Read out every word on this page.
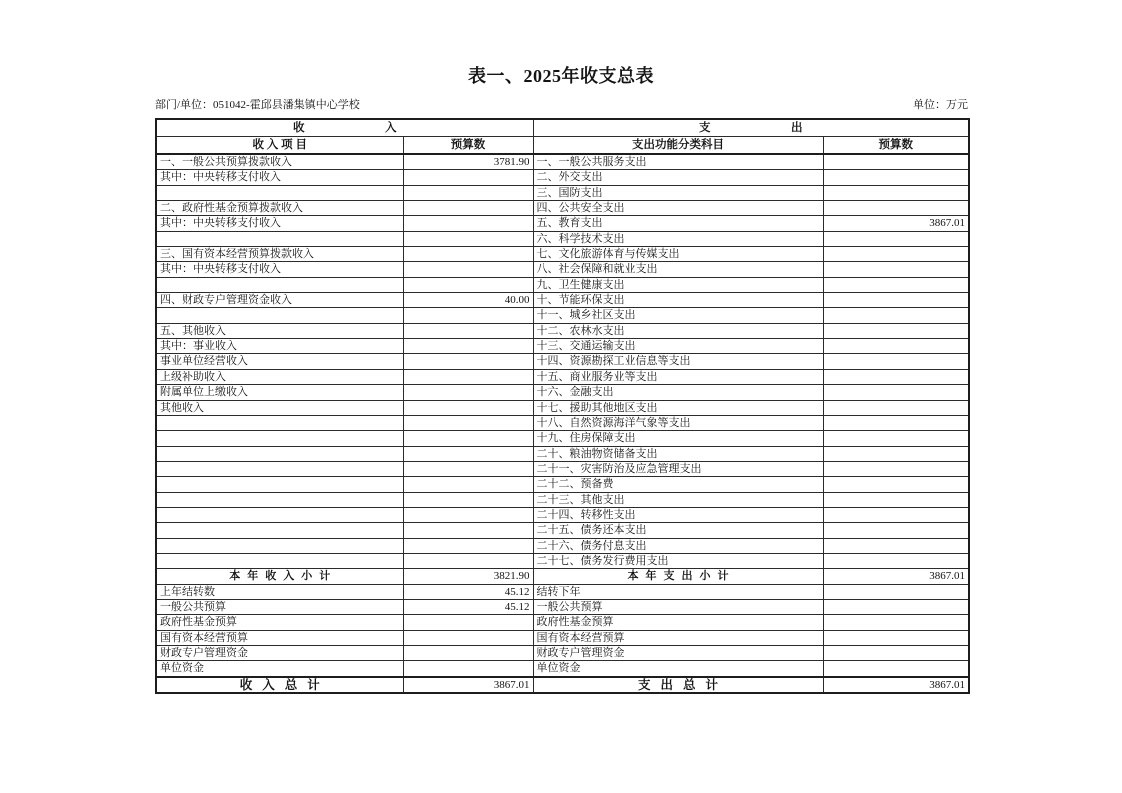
表一、2025年收支总表
部门/单位：051042-霍邱县潘集镇中心学校	单位：万元
收　　　　　　　入		支　　　　　　　出	
收 入 项 目	预算数	支出功能分类科目	预算数
一、一般公共预算拨款收入	3781.90	一、一般公共服务支出	
其中：中央转移支付收入		二、外交支出	
		三、国防支出	
二、政府性基金预算拨款收入		四、公共安全支出	
其中：中央转移支付收入		五、教育支出	3867.01
		六、科学技术支出	
三、国有资本经营预算拨款收入		七、文化旅游体育与传媒支出	
其中：中央转移支付收入		八、社会保障和就业支出	
		九、卫生健康支出	
四、财政专户管理资金收入	40.00	十、节能环保支出	
		十一、城乡社区支出	
五、其他收入		十二、农林水支出	
其中：事业收入		十三、交通运输支出	
事业单位经营收入		十四、资源勘探工业信息等支出	
上级补助收入		十五、商业服务业等支出	
附属单位上缴收入		十六、金融支出	
其他收入		十七、援助其他地区支出	
		十八、自然资源海洋气象等支出	
		十九、住房保障支出	
		二十、粮油物资储备支出	
		二十一、灾害防治及应急管理支出	
		二十二、预备费	
		二十三、其他支出	
		二十四、转移性支出	
		二十五、债务还本支出	
		二十六、债务付息支出	
		二十七、债务发行费用支出	
本年收入小计	3821.90	本年支出小计	3867.01
上年结转数	45.12	结转下年	
一般公共预算	45.12	一般公共预算	
政府性基金预算		政府性基金预算	
国有资本经营预算		国有资本经营预算	
财政专户管理资金		财政专户管理资金	
单位资金		单位资金	
收入总计	3867.01	支出总计	3867.01
